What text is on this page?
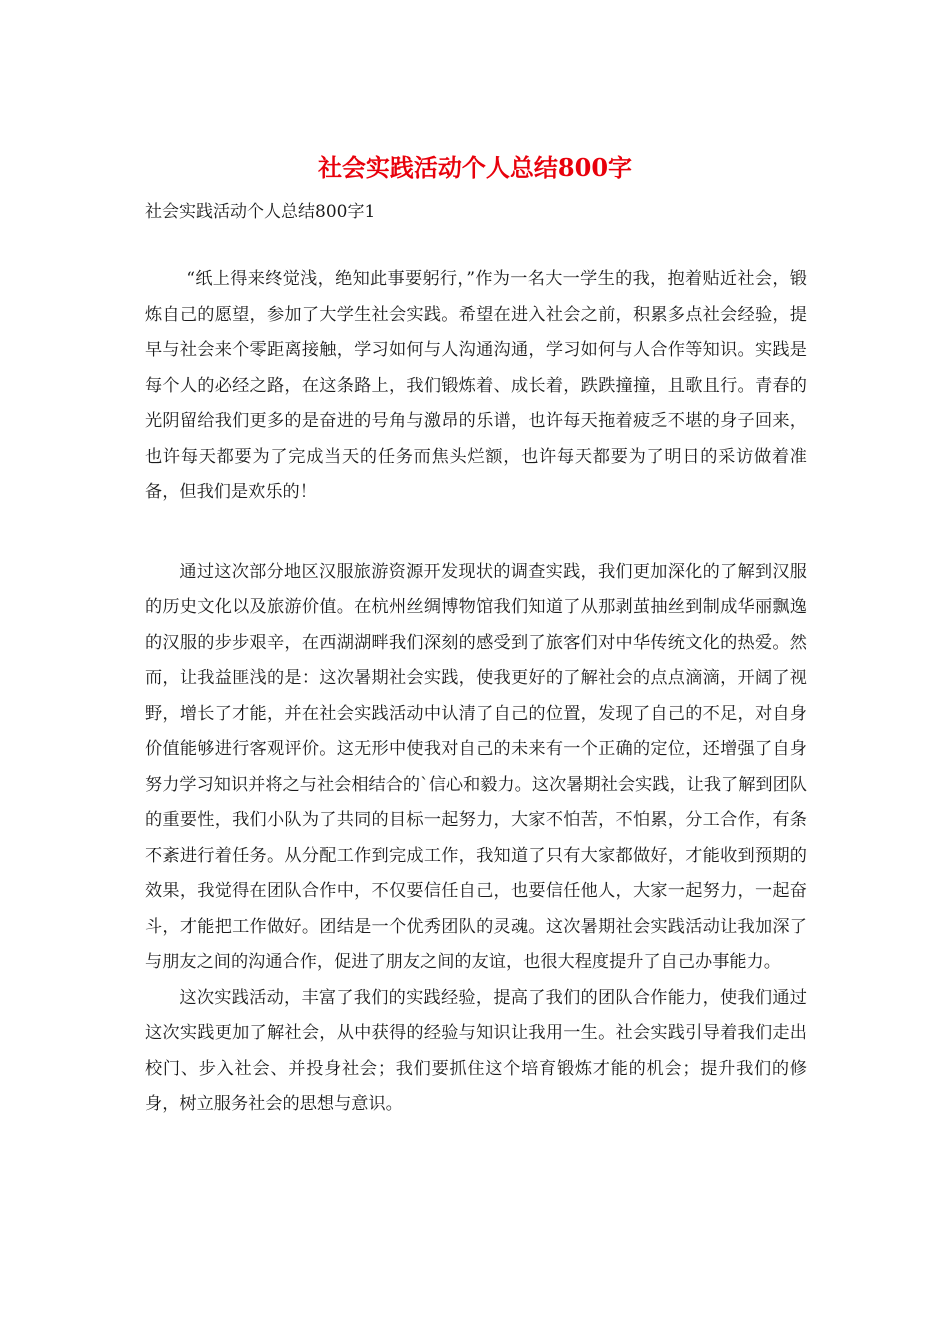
社会实践活动个人总结800字

社会实践活动个人总结800字1

“纸上得来终觉浅，绝知此事要躬行，”作为一名大一学生的我，抱着贴近社会，锻炼自己的愿望，参加了大学生社会实践。希望在进入社会之前，积累多点社会经验，提早与社会来个零距离接触，学习如何与人沟通沟通，学习如何与人合作等知识。实践是每个人的必经之路，在这条路上，我们锻炼着、成长着，跌跌撞撞，且歌且行。青春的光阴留给我们更多的是奋进的号角与激昂的乐谱，也许每天拖着疲乏不堪的身子回来，也许每天都要为了完成当天的任务而焦头烂额，也许每天都要为了明日的采访做着准备，但我们是欢乐的！

通过这次部分地区汉服旅游资源开发现状的调查实践，我们更加深化的了解到汉服的历史文化以及旅游价值。在杭州丝绸博物馆我们知道了从那剥茧抽丝到制成华丽飘逸的汉服的步步艰辛，在西湖湖畔我们深刻的感受到了旅客们对中华传统文化的热爱。然而，让我益匪浅的是：这次暑期社会实践，使我更好的了解社会的点点滴滴，开阔了视野，增长了才能，并在社会实践活动中认清了自己的位置，发现了自己的不足，对自身价值能够进行客观评价。这无形中使我对自己的未来有一个正确的定位，还增强了自身努力学习知识并将之与社会相结合的`信心和毅力。这次暑期社会实践，让我了解到团队的重要性，我们小队为了共同的目标一起努力，大家不怕苦，不怕累，分工合作，有条不紊进行着任务。从分配工作到完成工作，我知道了只有大家都做好，才能收到预期的效果，我觉得在团队合作中，不仅要信任自己，也要信任他人，大家一起努力，一起奋斗，才能把工作做好。团结是一个优秀团队的灵魂。这次暑期社会实践活动让我加深了与朋友之间的沟通合作，促进了朋友之间的友谊，也很大程度提升了自己办事能力。

这次实践活动，丰富了我们的实践经验，提高了我们的团队合作能力，使我们通过这次实践更加了解社会，从中获得的经验与知识让我用一生。社会实践引导着我们走出校门、步入社会、并投身社会；我们要抓住这个培育锻炼才能的机会；提升我们的修身，树立服务社会的思想与意识。
